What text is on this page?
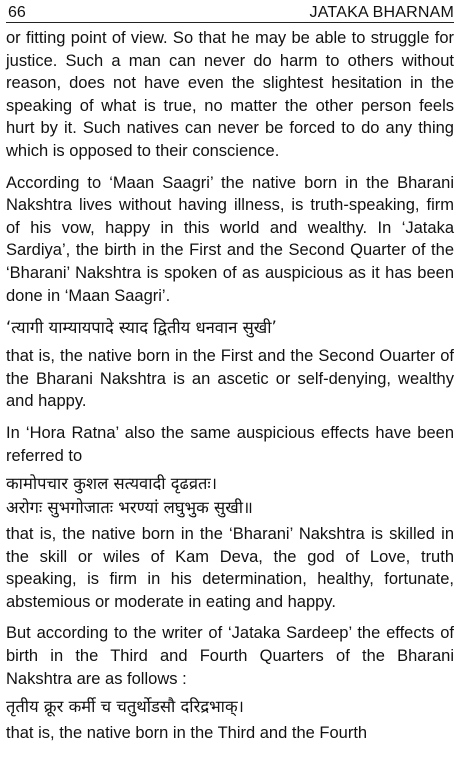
66	JATAKA BHARNAM

or fitting point of view. So that he may be able to struggle for justice. Such a man can never do harm to others without reason, does not have even the slightest hesitation in the speaking of what is true, no matter the other person feels hurt by it. Such natives can never be forced to do any thing which is opposed to their conscience.

According to ‘Maan Saagri’ the native born in the Bharani Nakshtra lives without having illness, is truth-speaking, firm of his vow, happy in this world and wealthy. In ‘Jataka Sardiya’, the birth in the First and the Second Quarter of the ‘Bharani’ Nakshtra is spoken of as auspicious as it has been done in ‘Maan Saagri’.

‘त्यागी याम्यायपादे स्याद द्वितीय धनवान सुखी’

that is, the native born in the First and the Second Ouarter of the Bharani Nakshtra is an ascetic or self-denying, wealthy and happy.

In ‘Hora Ratna’ also the same auspicious effects have been referred to

कामोपचार कुशल सत्यवादी दृढव्रतः।

अरोगः सुभगोजातः भरण्यां लघुभुक सुखी॥

that is, the native born in the ‘Bharani’ Nakshtra is skilled in the skill or wiles of Kam Deva, the god of Love, truth speaking, is firm in his determination, healthy, fortunate, abstemious or moderate in eating and happy.

But according to the writer of ‘Jataka Sardeep’ the effects of birth in the Third and Fourth Quarters of the Bharani Nakshtra are as follows :

तृतीय क्रूर कर्मी च चतुर्थोडसौ दरिद्रभाक्।

that is, the native born in the Third and the Fourth
